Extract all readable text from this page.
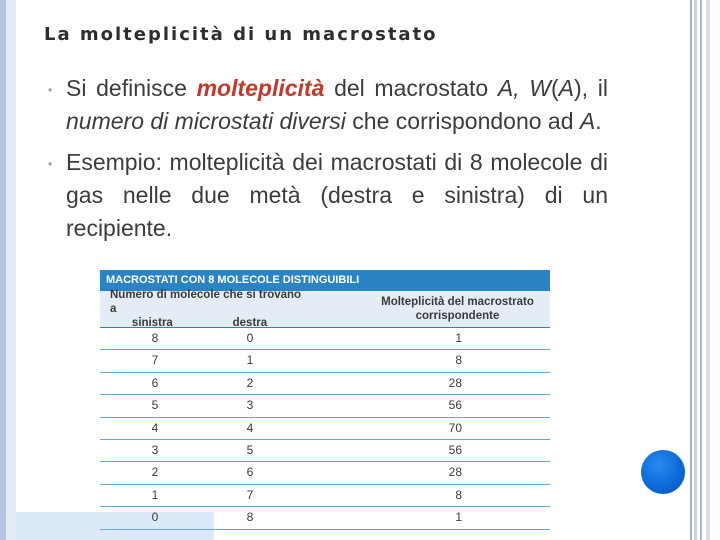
La molteplicità di un macrostato
• Si definisce molteplicità del macrostato A, W(A), il numero di microstati diversi che corrispondono ad A.
• Esempio: molteplicità dei macrostati di 8 molecole di gas nelle due metà (destra e sinistra) di un recipiente.
MACROSTATI CON 8 MOLECOLE DISTINGUIBILI
Numero di molecole che si trovano a
sinistra	destra
Molteplicità del macrostrato
corrispondente
8	0	1
7	1	8
6	2	28
5	3	56
4	4	70
3	5	56
2	6	28
1	7	8
0	8	1
